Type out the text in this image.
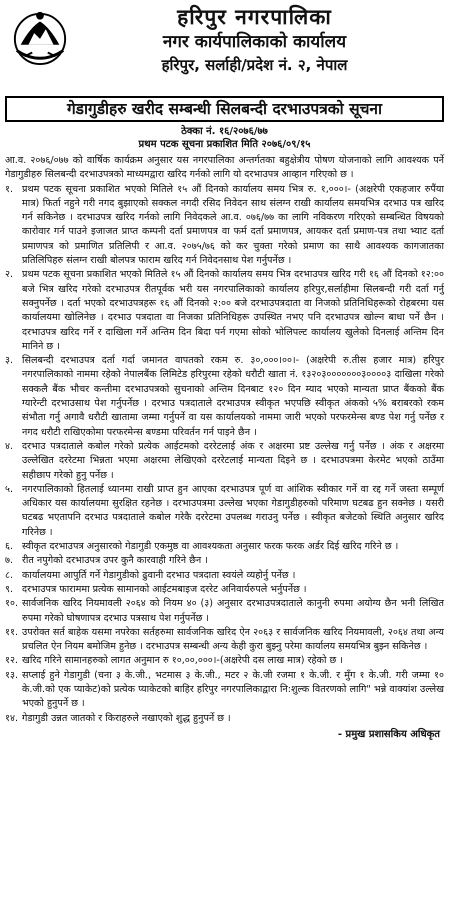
हरिपुर नगरपालिका
नगर कार्यपालिकाको कार्यालय
हरिपुर, सर्लाही/प्रदेश नं. २, नेपाल
गेडागुडीहरु खरीद सम्बन्धी सिलबन्दी दरभाउपत्रको सूचना
ठेक्का नं. १६/२०७६/७७
प्रथम पटक सूचना प्रकाशित मिति २०७६/०९/१५
आ.व. २०७६/०७७ को वार्षिक कार्यक्रम अनुसार यस नगरपालिका अन्तर्गतका बहुक्षेत्रीय पोषण योजनाको लागि आवश्यक पर्ने गेडागुडीहरु सिलबन्दी दरभाउपत्रको माध्यमद्वारा खरिद गर्नको लागि यो दरभाउपत्र आव्हान गरिएको छ ।
१. प्रथम पटक सूचना प्रकाशित भएको मितिले १५ औं दिनको कार्यालय समय भित्र रु. १,०००।- (अक्षरेपी एकहजार रुपैंया मात्र) फिर्ता नहुने गरी नगद बुझाएको सक्कल नगदी रसिद निवेदन साथ संलग्न राखी कार्यालय समयभित्र दरभाउ पत्र खरिद गर्न सकिनेछ । दरभाउपत्र खरिद गर्नको लागि निवेदकले आ.व. ०७६/७७ का लागि नविकरण गरिएको सम्बन्धित विषयको कारोवार गर्न पाउने इजाजत प्राप्त कम्पनी दर्ता प्रमाणपत्र वा फर्म दर्ता प्रमाणपत्र, आयकर दर्ता प्रमाण-पत्र तथा भ्याट दर्ता प्रमाणपत्र को प्रमाणित प्रतिलिपी र आ.व. २०७५/७६ को कर चुक्ता गरेको प्रमाण का साथै आवश्यक कागजातका प्रतिलिपिहरु संलग्न राखी बोलपत्र फाराम खरिद गर्न निवेदनसाथ पेश गर्नुपर्नेछ ।
२. प्रथम पटक सूचना प्रकाशित भएको मितिले १५ औं दिनको कार्यालय समय भित्र दरभाउपत्र खरिद गरी १६ औं दिनको १२:०० बजे भित्र खरिद गरेको दरभाउपत्र रीतपूर्वक भरी यस नगरपालिकाको कार्यालय हरिपुर,सर्लाहीमा सिलबन्दी गरी दर्ता गर्नु सक्नुपर्नेछ । दर्ता भएको दरभाउपत्रहरू १६ औं दिनको २:०० बजे दरभाउपत्रदाता वा निजको प्रतिनिधिहरूको रोहबरमा यस कार्यालयमा खोलिनेछ । दरभाउ पत्रदाता वा निजका प्रतिनिधिहरू उपस्थित नभए पनि दरभाउपत्र खोल्न बाधा पर्ने छैन । दरभाउपत्र खरिद गर्ने र दाखिला गर्ने अन्तिम दिन बिदा पर्न गएमा सोको भोलिपल्ट कार्यालय खुलेको दिनलाई अन्तिम दिन मानिने छ ।
३. सिलबन्दी दरभाउपत्र दर्ता गर्दा जमानत वापतको रकम रु. ३०,०००।००।- (अक्षरेपी रु.तीस हजार मात्र) हरिपुर नगरपालिकाको नाममा रहेको नेपालबैंक लिमिटेड हरिपुरमा रहेको धरौटी खाता नं. १३२०३०००००००३००००३ दाखिला गरेको सक्कलै बैंक भौचर कन्तीमा दरभाउपत्रको सुचनाको अन्तिम दिनबाट १२० दिन म्याद भएको मान्यता प्राप्त बैंकको बैंक ग्यारेन्टी दरभाउसाथ पेश गर्नुपर्नेछ । दरभाउ पत्रदाताले दरभाउपत्र स्वीकृत भएपछि स्वीकृत अंकको ५% बराबरको रकम संभौता गर्नु अगावै धरौटी खातामा जम्मा गर्नुपर्ने वा यस कार्यालयको नाममा जारी भएको परफरमेन्स बण्ड पेश गर्नु पर्नेछ र नगद धरौटी राखिएकोमा परफरमेन्स बण्डमा परिवर्तन गर्न पाइने छैन ।
४. दरभाउ पत्रदाताले कबोल गरेको प्रत्येक आईटमको दररेटलाई अंक र अक्षरमा प्रष्ट उल्लेख गर्नु पर्नेछ । अंक र अक्षरमा उल्लेखित दररेटमा भिन्नता भएमा अक्षरमा लेखिएको दररेटलाई मान्यता दिइने छ । दरभाउपत्रमा केरमेट भएको ठाउँमा सहीछाप गरेको हुनु पर्नेछ ।
५. नगरपालिकाको हितलाई ध्यानमा राखी प्राप्त हुन आएका दरभाउपत्र पूर्ण वा आंशिक स्वीकार गर्ने वा रद्द गर्ने जस्ता सम्पूर्ण अधिकार यस कार्यालयमा सुरक्षित रहनेछ । दरभाउपत्रमा उल्लेख भएका गेडागुडीहरुको परिमाण घटबढ हुन सक्नेछ । यसरी घटबढ भएतापनि दरभाउ पत्रदाताले कबोल गरेकै दररेटमा उपलब्ध गराउनु पर्नेछ । स्वीकृत बजेटको स्थिति अनुसार खरिद गरिनेछ ।
६. स्वीकृत दरभाउपत्र अनुसारको गेडागुडी एकमुष्ठ वा आवश्यकता अनुसार फरक फरक अर्डर दिई खरिद गरिने छ ।
७. रीत नपुगेको दरभाउपत्र उपर कुनै कारवाही गरिने छैन ।
८. कार्यालयमा आपुर्ति गर्ने गेडागुडीको ढुवानी दरभाउ पत्रदाता स्वयंले व्यहोर्नु पर्नेछ ।
९. दरभाउपत्र फाराममा प्रत्येक सामानको आईटमबाइज दररेट अनिवार्यरुपले भर्नुपर्नेछ ।
१०. सार्वजनिक खरिद नियमावली २०६४ को नियम ४० (३) अनुसार दरभाउपत्रदाताले कानुनी रुपमा अयोग्य छैन भनी लिखित रुपमा गरेको घोषणापत्र दरभाउ पत्रसाथ पेश गर्नुपर्नेछ ।
११. उपरोक्त सर्त बाहेक यसमा नपरेका सर्तहरुमा सार्वजनिक खरिद ऐन २०६३ र सार्वजनिक खरिद नियमावली, २०६४ तथा अन्य प्रचलित ऐन नियम बमोजिम हुनेछ । दरभाउपत्र सम्बन्धी अन्य केही कुरा बुझ्नु परेमा कार्यालय समयभित्र बुझ्न सकिनेछ ।
१२. खरिद गरिने सामानहरुको लागत अनुमान रु १०,००,०००।-(अक्षरेपी दस लाख मात्र) रहेको छ ।
१३. सप्लाई हुने गेडागुडी (चना ३ के.जी., भटमास ३ के.जी., मटर २ के.जी रजमा १ के.जी. र मुँग १ के.जी. गरी जम्मा १० के.जी.को एक प्याकेट)को प्रत्येक प्याकेटको बाहिर हरिपुर नगरपालिकाद्वारा नि:शुल्क वितरणको लागि" भन्ने वाक्यांश उल्लेख भएको हुनुपर्ने छ ।
१४. गेडागुडी उन्नत जातको र किराहरुले नखाएको शुद्ध हुनुपर्ने छ ।
- प्रमुख प्रशासकिय अधिकृत
